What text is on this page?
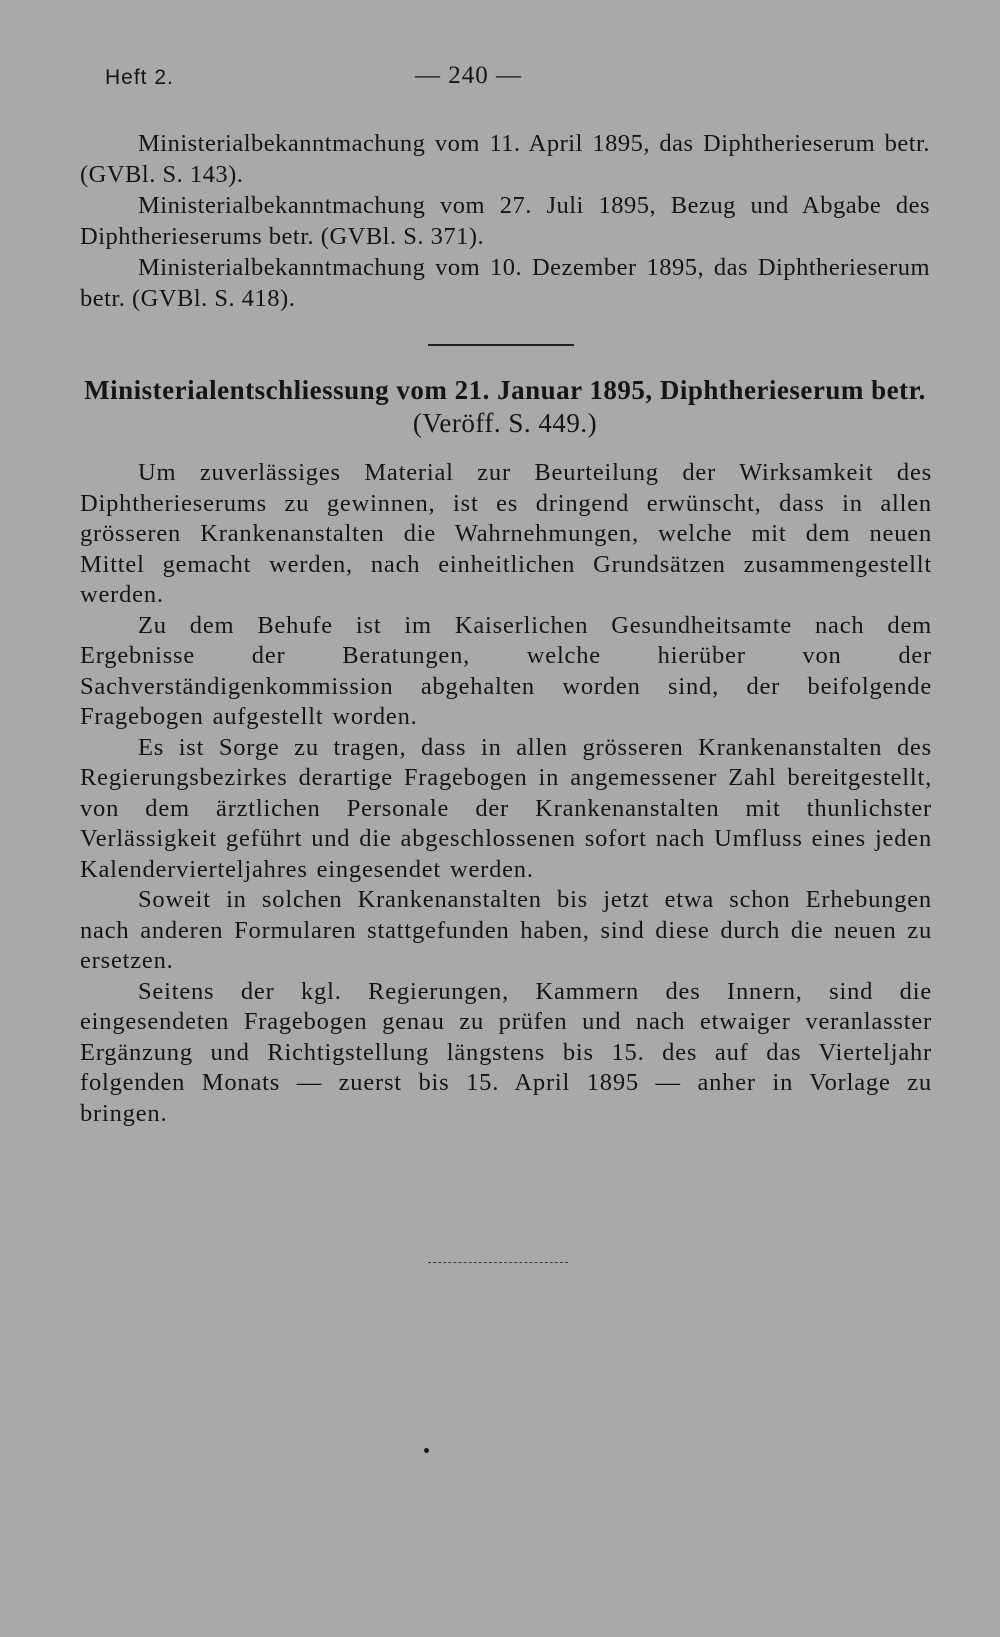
Heft 2.	— 240 —

Ministerialbekanntmachung vom 11. April 1895, das Diphtherieserum betr. (GVBl. S. 143).

Ministerialbekanntmachung vom 27. Juli 1895, Bezug und Abgabe des Diphtherieserums betr. (GVBl. S. 371).

Ministerialbekanntmachung vom 10. Dezember 1895, das Diphtherieserum betr. (GVBl. S. 418).

Ministerialentschliessung vom 21. Januar 1895, Diphtherieserum betr. (Veröff. S. 449.)

Um zuverlässiges Material zur Beurteilung der Wirksamkeit des Diphtherieserums zu gewinnen, ist es dringend erwünscht, dass in allen grösseren Krankenanstalten die Wahrnehmungen, welche mit dem neuen Mittel gemacht werden, nach einheitlichen Grundsätzen zusammengestellt werden.

Zu dem Behufe ist im Kaiserlichen Gesundheitsamte nach dem Ergebnisse der Beratungen, welche hierüber von der Sachverständigenkommission abgehalten worden sind, der beifolgende Fragebogen aufgestellt worden.

Es ist Sorge zu tragen, dass in allen grösseren Krankenanstalten des Regierungsbezirkes derartige Fragebogen in angemessener Zahl bereitgestellt, von dem ärztlichen Personale der Krankenanstalten mit thunlichster Verlässigkeit geführt und die abgeschlossenen sofort nach Umfluss eines jeden Kalendervierteljahres eingesendet werden.

Soweit in solchen Krankenanstalten bis jetzt etwa schon Erhebungen nach anderen Formularen stattgefunden haben, sind diese durch die neuen zu ersetzen.

Seitens der kgl. Regierungen, Kammern des Innern, sind die eingesendeten Fragebogen genau zu prüfen und nach etwaiger veranlasster Ergänzung und Richtigstellung längstens bis 15. des auf das Vierteljahr folgenden Monats — zuerst bis 15. April 1895 — anher in Vorlage zu bringen.
